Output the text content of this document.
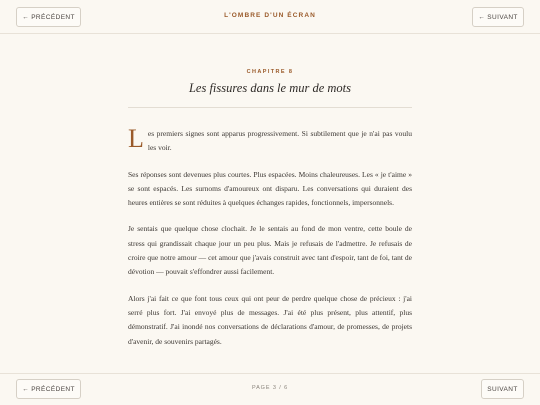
← PRÉCÉDENT	L'OMBRE D'UN ÉCRAN	← SUIVANT
CHAPITRE 8
Les fissures dans le mur de mots

Les premiers signes sont apparus progressivement. Si subtilement que je n'ai pas voulu les voir.

Ses réponses sont devenues plus courtes. Plus espacées. Moins chaleureuses. Les « je t'aime » se sont espacés. Les surnoms d'amoureux ont disparu. Les conversations qui duraient des heures entières se sont réduites à quelques échanges rapides, fonctionnels, impersonnels.

Je sentais que quelque chose clochait. Je le sentais au fond de mon ventre, cette boule de stress qui grandissait chaque jour un peu plus. Mais je refusais de l'admettre. Je refusais de croire que notre amour — cet amour que j'avais construit avec tant d'espoir, tant de foi, tant de dévotion — pouvait s'effondrer aussi facilement.

Alors j'ai fait ce que font tous ceux qui ont peur de perdre quelque chose de précieux : j'ai serré plus fort. J'ai envoyé plus de messages. J'ai été plus présent, plus attentif, plus démonstratif. J'ai inondé nos conversations de déclarations d'amour, de promesses, de projets d'avenir, de souvenirs partagés.

← PRÉCÉDENT	PAGE 3 / 6	SUIVANT
